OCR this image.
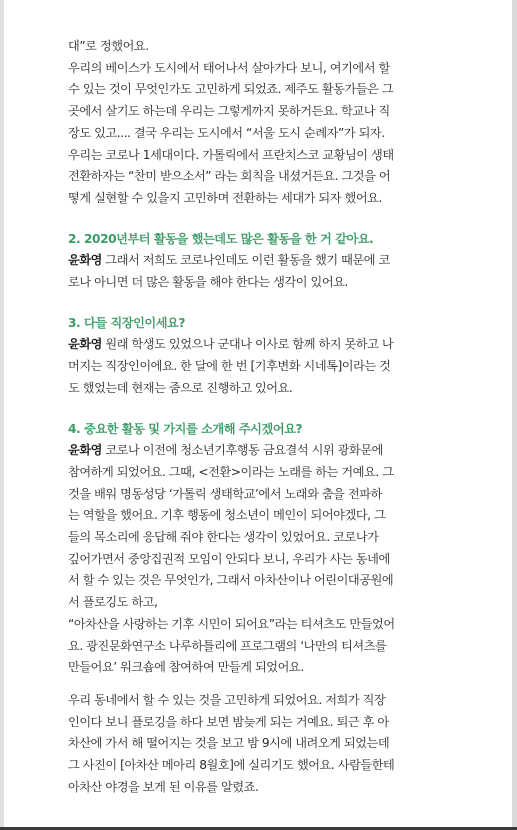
대”로 정했어요.

우리의 베이스가 도시에서 태어나서 살아가다 보니, 여기에서 할
수 있는 것이 무엇인가도 고민하게 되었죠. 제주도 활동가들은 그
곳에서 살기도 하는데 우리는 그렇게까지 못하거든요. 학교나 직
장도 있고.... 결국 우리는 도시에서 “서울 도시 순례자”가 되자.
우리는 코로나 1세대이다. 가톨릭에서 프란치스코 교황님이 생태
전환하자는 “찬미 받으소서” 라는 회칙을 내셨거든요. 그것을 어
떻게 실현할 수 있을지 고민하며 전환하는 세대가 되자 했어요.

2. 2020년부터 활동을 했는데도 많은 활동을 한 거 같아요.

윤화영 그래서 저희도 코로나인데도 이런 활동을 했기 때문에 코
로나 아니면 더 많은 활동을 해야 한다는 생각이 있어요.

3. 다들 직장인이세요?

윤화영 원래 학생도 있었으나 군대나 이사로 함께 하지 못하고 나
머지는 직장인이에요. 한 달에 한 번 [기후변화 시네톡]이라는 것
도 했었는데 현재는 줌으로 진행하고 있어요.

4. 중요한 활동 및 가지를 소개해 주시겠어요?

윤화영 코로나 이전에 청소년기후행동 금요결석 시위 광화문에
참여하게 되었어요. 그때, <전환>이라는 노래를 하는 거예요. 그
것을 배워 명동성당 ‘가톨릭 생태학교’에서 노래와 춤을 전파하
는 역할을 했어요. 기후 행동에 청소년이 메인이 되어야겠다, 그
들의 목소리에 응답해 줘야 한다는 생각이 있었어요. 코로나가
깊어가면서 중앙집권적 모임이 안되다 보니, 우리가 사는 동네에
서 할 수 있는 것은 무엇인가, 그래서 아차산이나 어린이대공원에
서 플로깅도 하고,
“아차산을 사랑하는 기후 시민이 되어요”라는 티셔츠도 만들었어
요. 광진문화연구소 나루하틀리에 프로그램의 ‘나만의 티셔츠를
만들어요’ 워크숍에 참여하여 만들게 되었어요.

우리 동네에서 할 수 있는 것을 고민하게 되었어요. 저희가 직장
인이다 보니 플로깅을 하다 보면 밤늦게 되는 거예요. 퇴근 후 아
차산에 가서 해 떨어지는 것을 보고 밤 9시에 내려오게 되었는데
그 사진이 [아차산 메아리 8월호]에 실리기도 했어요. 사람들한테
아차산 야경을 보게 된 이유를 알렸죠.
